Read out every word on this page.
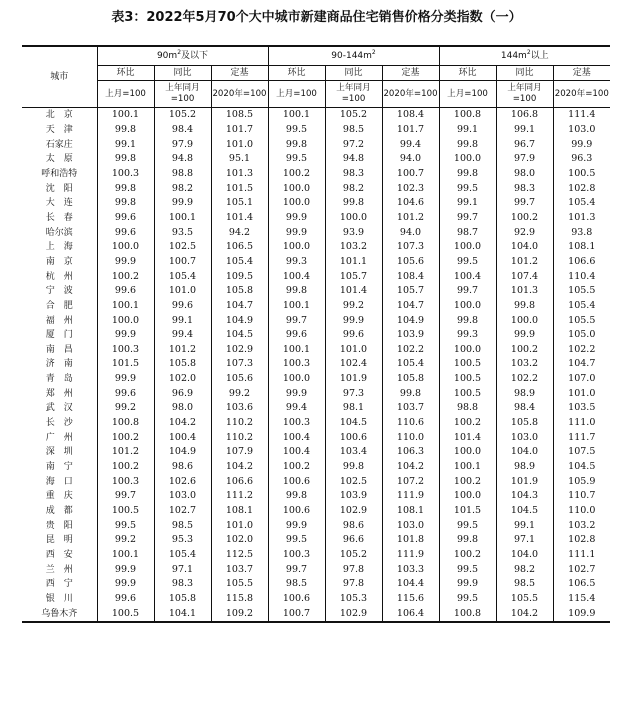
表3：2022年5月70个大中城市新建商品住宅销售价格分类指数（一）
城市	$90m^2$及以下			$90-144m^2$			$144m^2$以上		
	环比	同比	定基	环比	同比	定基	环比	同比	定基
	上月=100	上年同月=100	2020年=100	上月=100	上年同月=100	2020年=100	上月=100	上年同月=100	2020年=100
北　京	100.1	105.2	108.5	100.1	105.2	108.4	100.8	106.8	111.4
天　津	99.8	98.4	101.7	99.5	98.5	101.7	99.1	99.1	103.0
石家庄	99.1	97.9	101.0	99.8	97.2	99.4	99.8	96.7	99.9
太　原	99.8	94.8	95.1	99.5	94.8	94.0	100.0	97.9	96.3
呼和浩特	100.3	98.8	101.3	100.2	98.3	100.7	99.8	98.0	100.5
沈　阳	99.8	98.2	101.5	100.0	98.2	102.3	99.5	98.3	102.8
大　连	99.8	99.9	105.1	100.0	99.8	104.6	99.1	99.7	105.4
长　春	99.6	100.1	101.4	99.9	100.0	101.2	99.7	100.2	101.3
哈尔滨	99.6	93.5	94.2	99.9	93.9	94.0	98.7	92.9	93.8
上　海	100.0	102.5	106.5	100.0	103.2	107.3	100.0	104.0	108.1
南　京	99.9	100.7	105.4	99.3	101.1	105.6	99.5	101.2	106.6
杭　州	100.2	105.4	109.5	100.4	105.7	108.4	100.4	107.4	110.4
宁　波	99.6	101.0	105.8	99.8	101.4	105.7	99.7	101.3	105.5
合　肥	100.1	99.6	104.7	100.1	99.2	104.7	100.0	99.8	105.4
福　州	100.0	99.1	104.9	99.7	99.9	104.9	99.8	100.0	105.5
厦　门	99.9	99.4	104.5	99.6	99.6	103.9	99.3	99.9	105.0
南　昌	100.3	101.2	102.9	100.1	101.0	102.2	100.0	100.2	102.2
济　南	101.5	105.8	107.3	100.3	102.4	105.4	100.5	103.2	104.7
青　岛	99.9	102.0	105.6	100.0	101.9	105.8	100.5	102.2	107.0
郑　州	99.6	96.9	99.2	99.9	97.3	99.8	100.5	98.9	101.0
武　汉	99.2	98.0	103.6	99.4	98.1	103.7	98.8	98.4	103.5
长　沙	100.8	104.2	110.2	100.3	104.5	110.6	100.2	105.8	111.0
广　州	100.2	100.4	110.2	100.4	100.6	110.0	101.4	103.0	111.7
深　圳	101.2	104.9	107.9	100.4	103.4	106.3	100.0	104.0	107.5
南　宁	100.2	98.6	104.2	100.2	99.8	104.2	100.1	98.9	104.5
海　口	100.3	102.6	106.6	100.6	102.5	107.2	100.2	101.9	105.9
重　庆	99.7	103.0	111.2	99.8	103.9	111.9	100.0	104.3	110.7
成　都	100.5	102.7	108.1	100.6	102.9	108.1	101.5	104.5	110.0
贵　阳	99.5	98.5	101.0	99.9	98.6	103.0	99.5	99.1	103.2
昆　明	99.2	95.3	102.0	99.5	96.6	101.8	99.8	97.1	102.8
西　安	100.1	105.4	112.5	100.3	105.2	111.9	100.2	104.0	111.1
兰　州	99.9	97.1	103.7	99.7	97.8	103.3	99.5	98.2	102.7
西　宁	99.9	98.3	105.5	98.5	97.8	104.4	99.9	98.5	106.5
银　川	99.6	105.8	115.8	100.6	105.3	115.6	99.5	105.5	115.4
乌鲁木齐	100.5	104.1	109.2	100.7	102.9	106.4	100.8	104.2	109.9
